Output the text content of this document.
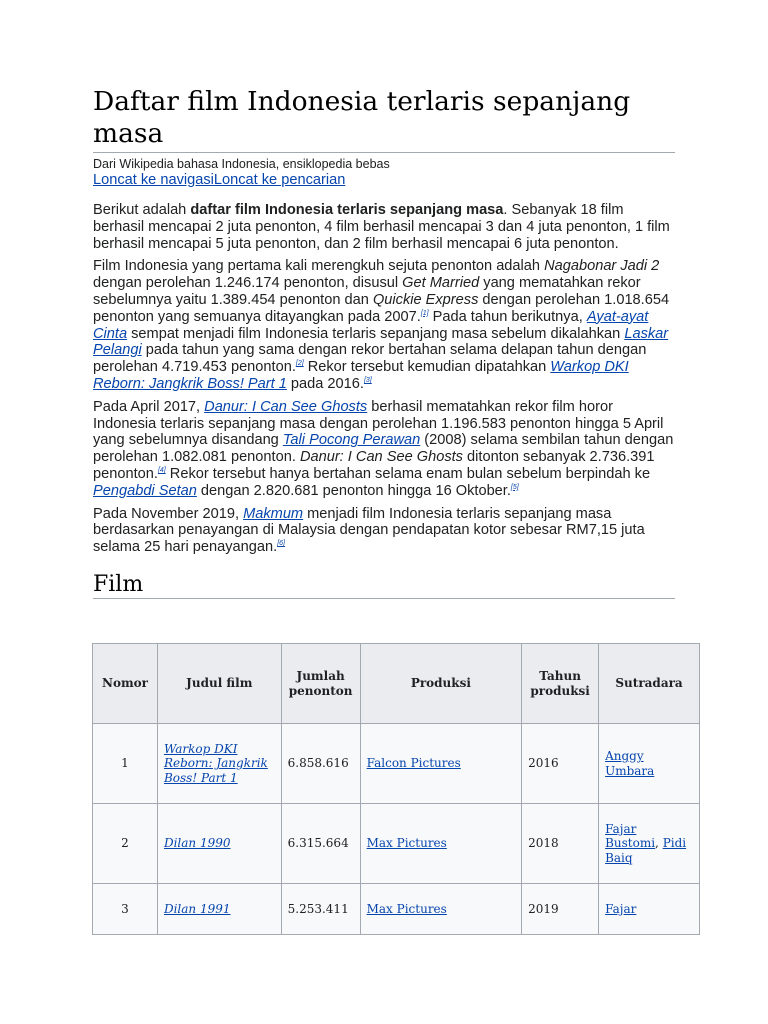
Daftar film Indonesia terlaris sepanjang masa
Dari Wikipedia bahasa Indonesia, ensiklopedia bebas
Loncat ke navigasiLoncat ke pencarian

Berikut adalah daftar film Indonesia terlaris sepanjang masa. Sebanyak 18 film berhasil mencapai 2 juta penonton, 4 film berhasil mencapai 3 dan 4 juta penonton, 1 film berhasil mencapai 5 juta penonton, dan 2 film berhasil mencapai 6 juta penonton.

Film Indonesia yang pertama kali merengkuh sejuta penonton adalah Nagabonar Jadi 2 dengan perolehan 1.246.174 penonton, disusul Get Married yang mematahkan rekor sebelumnya yaitu 1.389.454 penonton dan Quickie Express dengan perolehan 1.018.654 penonton yang semuanya ditayangkan pada 2007.[1] Pada tahun berikutnya, Ayat-ayat Cinta sempat menjadi film Indonesia terlaris sepanjang masa sebelum dikalahkan Laskar Pelangi pada tahun yang sama dengan rekor bertahan selama delapan tahun dengan perolehan 4.719.453 penonton.[2] Rekor tersebut kemudian dipatahkan Warkop DKI Reborn: Jangkrik Boss! Part 1 pada 2016.[3]

Pada April 2017, Danur: I Can See Ghosts berhasil mematahkan rekor film horor Indonesia terlaris sepanjang masa dengan perolehan 1.196.583 penonton hingga 5 April yang sebelumnya disandang Tali Pocong Perawan (2008) selama sembilan tahun dengan perolehan 1.082.081 penonton. Danur: I Can See Ghosts ditonton sebanyak 2.736.391 penonton.[4] Rekor tersebut hanya bertahan selama enam bulan sebelum berpindah ke Pengabdi Setan dengan 2.820.681 penonton hingga 16 Oktober.[5]

Pada November 2019, Makmum menjadi film Indonesia terlaris sepanjang masa berdasarkan penayangan di Malaysia dengan pendapatan kotor sebesar RM7,15 juta selama 25 hari penayangan.[6]

Film
Nomor	Judul film	Jumlah penonton	Produksi	Tahun produksi	Sutradara
1	Warkop DKI Reborn: Jangkrik Boss! Part 1	6.858.616	Falcon Pictures	2016	Anggy Umbara
2	Dilan 1990	6.315.664	Max Pictures	2018	Fajar Bustomi, Pidi Baiq
3	Dilan 1991	5.253.411	Max Pictures	2019	Fajar
